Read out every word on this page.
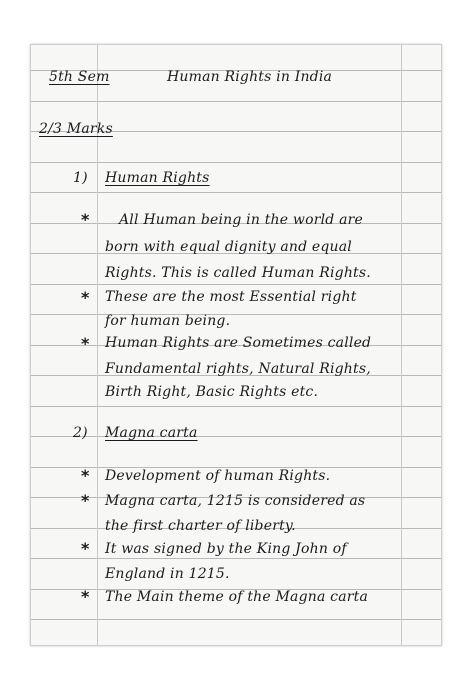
5th Sem	Human Rights in India
2/3 Marks
1) Human Rights
* All Human being in the world are
born with equal dignity and equal
Rights. This is called Human Rights.
* These are the most Essential right
for human being.
* Human Rights are Sometimes called
Fundamental rights, Natural Rights,
Birth Right, Basic Rights etc.
2) Magna carta
* Development of human Rights.
* Magna carta, 1215 is considered as
the first charter of liberty.
* It was signed by the King John of
England in 1215.
* The Main theme of the Magna carta
